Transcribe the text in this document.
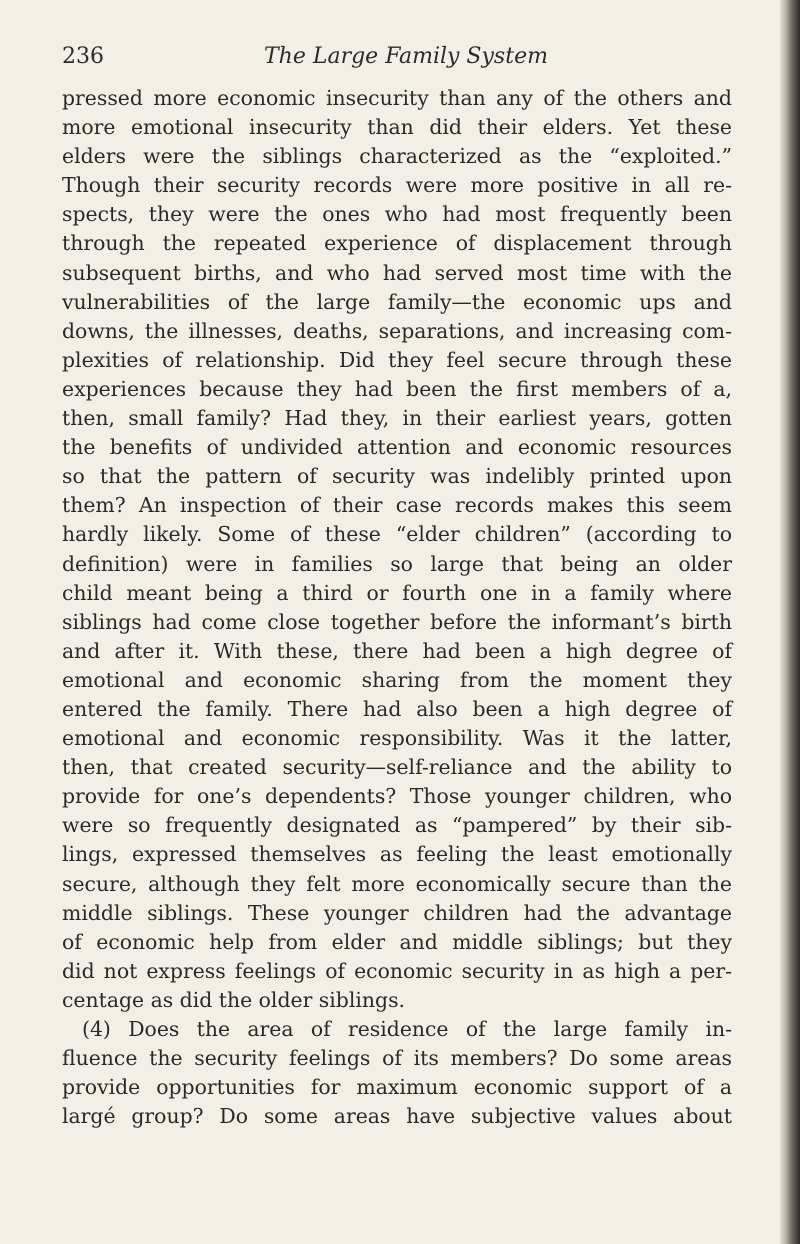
236	The Large Family System
pressed more economic insecurity than any of the others and
more emotional insecurity than did their elders. Yet these
elders were the siblings characterized as the “exploited.”
Though their security records were more positive in all re-
spects, they were the ones who had most frequently been
through the repeated experience of displacement through
subsequent births, and who had served most time with the
vulnerabilities of the large family—the economic ups and
downs, the illnesses, deaths, separations, and increasing com-
plexities of relationship. Did they feel secure through these
experiences because they had been the first members of a,
then, small family? Had they, in their earliest years, gotten
the benefits of undivided attention and economic resources
so that the pattern of security was indelibly printed upon
them? An inspection of their case records makes this seem
hardly likely. Some of these “elder children” (according to
definition) were in families so large that being an older
child meant being a third or fourth one in a family where
siblings had come close together before the informant’s birth
and after it. With these, there had been a high degree of
emotional and economic sharing from the moment they
entered the family. There had also been a high degree of
emotional and economic responsibility. Was it the latter,
then, that created security—self-reliance and the ability to
provide for one’s dependents? Those younger children, who
were so frequently designated as “pampered” by their sib-
lings, expressed themselves as feeling the least emotionally
secure, although they felt more economically secure than the
middle siblings. These younger children had the advantage
of economic help from elder and middle siblings; but they
did not express feelings of economic security in as high a per-
centage as did the older siblings.
(4) Does the area of residence of the large family in-
fluence the security feelings of its members? Do some areas
provide opportunities for maximum economic support of a
largé group? Do some areas have subjective values about
